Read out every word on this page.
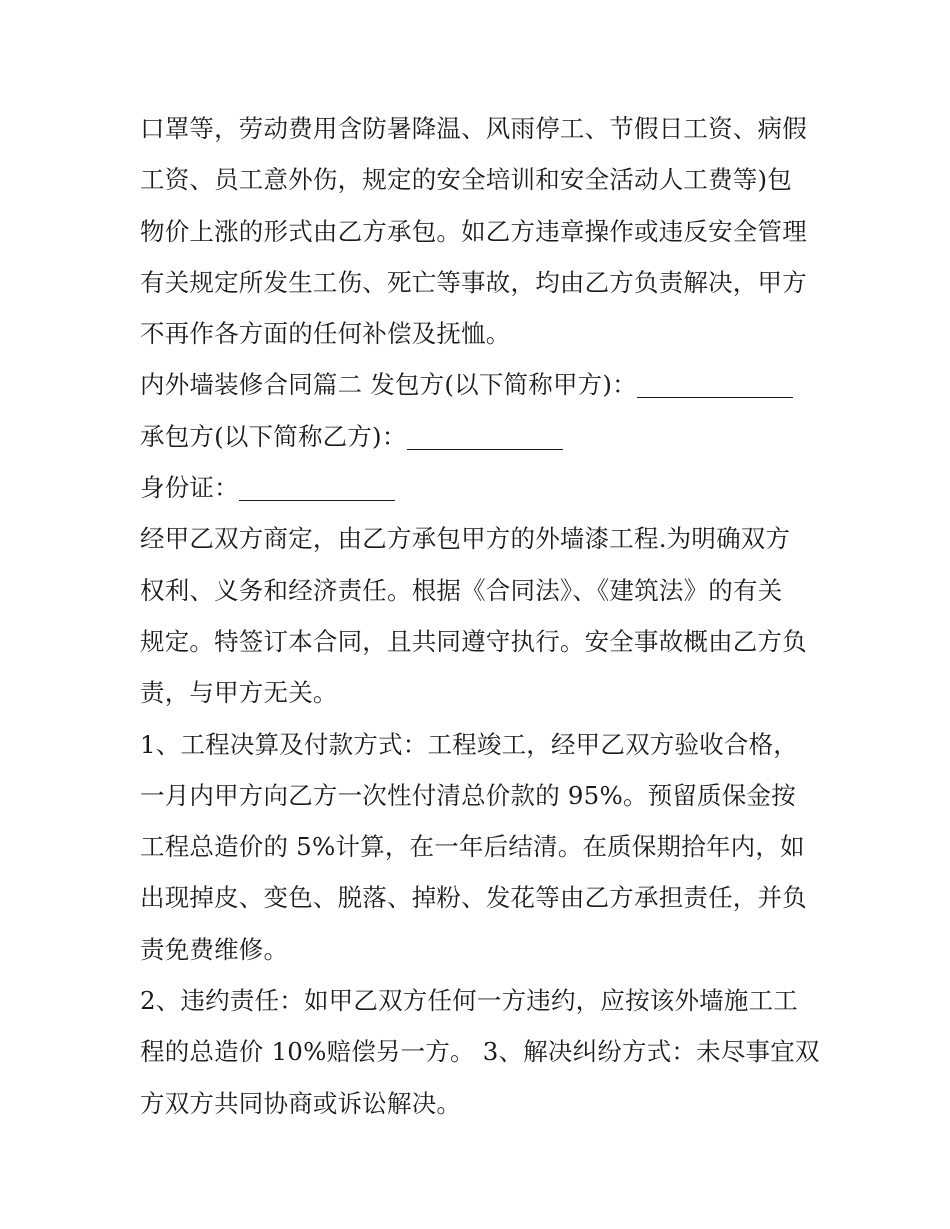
口罩等，劳动费用含防暑降温、风雨停工、节假日工资、病假
工资、员工意外伤，规定的安全培训和安全活动人工费等)包
物价上涨的形式由乙方承包。如乙方违章操作或违反安全管理
有关规定所发生工伤、死亡等事故，均由乙方负责解决，甲方
不再作各方面的任何补偿及抚恤。
内外墙装修合同篇二 发包方(以下简称甲方)：
承包方(以下简称乙方)：
身份证：
经甲乙双方商定，由乙方承包甲方的外墙漆工程.为明确双方
权利、义务和经济责任。根据《合同法》、《建筑法》的有关
规定。特签订本合同，且共同遵守执行。安全事故概由乙方负
责，与甲方无关。
1、工程决算及付款方式：工程竣工，经甲乙双方验收合格，
一月内甲方向乙方一次性付清总价款的 95%。预留质保金按
工程总造价的 5%计算，在一年后结清。在质保期拾年内，如
出现掉皮、变色、脱落、掉粉、发花等由乙方承担责任，并负
责免费维修。
2、违约责任：如甲乙双方任何一方违约，应按该外墙施工工
程的总造价 10%赔偿另一方。 3、解决纠纷方式：未尽事宜双
方双方共同协商或诉讼解决。
